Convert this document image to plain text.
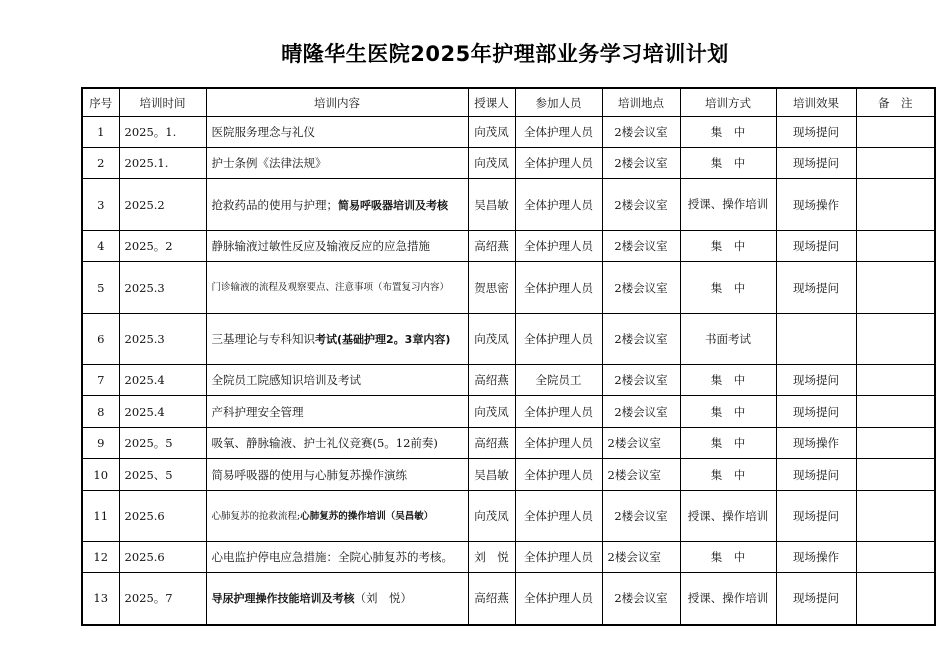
晴隆华生医院2025年护理部业务学习培训计划
序号	培训时间	培训内容	授课人	参加人员	培训地点	培训方式	培训效果	备　注
1	2025。1.	医院服务理念与礼仪	向茂凤	全体护理人员	2楼会议室	集　中	现场提问	
2	2025.1.	护士条例《法律法规》	向茂凤	全体护理人员	2楼会议室	集　中	现场提问	
3	2025.2	抢救药品的使用与护理；简易呼吸器培训及考核	吴昌敏	全体护理人员	2楼会议室	授课、操作培训	现场操作	
4	2025。2	静脉输液过敏性反应及输液反应的应急措施	高绍燕	全体护理人员	2楼会议室	集　中	现场提问	
5	2025.3	门诊输液的流程及观察要点、注意事项（布置复习内容）	贺思密	全体护理人员	2楼会议室	集　中	现场提问	
6	2025.3	三基理论与专科知识考试(基础护理2。3章内容)	向茂凤	全体护理人员	2楼会议室	书面考试		
7	2025.4	全院员工院感知识培训及考试	高绍燕	全院员工	2楼会议室	集　中	现场提问	
8	2025.4	产科护理安全管理	向茂凤	全体护理人员	2楼会议室	集　中	现场提问	
9	2025。5	吸氧、静脉输液、护士礼仪竞赛(5。12前奏)	高绍燕	全体护理人员	2楼会议室	集　中	现场操作	
10	2025、5	简易呼吸器的使用与心肺复苏操作演练	吴昌敏	全体护理人员	2楼会议室	集　中	现场提问	
11	2025.6	心肺复苏的抢救流程;心肺复苏的操作培训（吴昌敏）	向茂凤	全体护理人员	2楼会议室	授课、操作培训	现场提问	
12	2025.6	心电监护停电应急措施：全院心肺复苏的考核。	刘　悦	全体护理人员	2楼会议室	集　中	现场操作	
13	2025。7	导尿护理操作技能培训及考核（刘　悦）	高绍燕	全体护理人员	2楼会议室	授课、操作培训	现场提问	
